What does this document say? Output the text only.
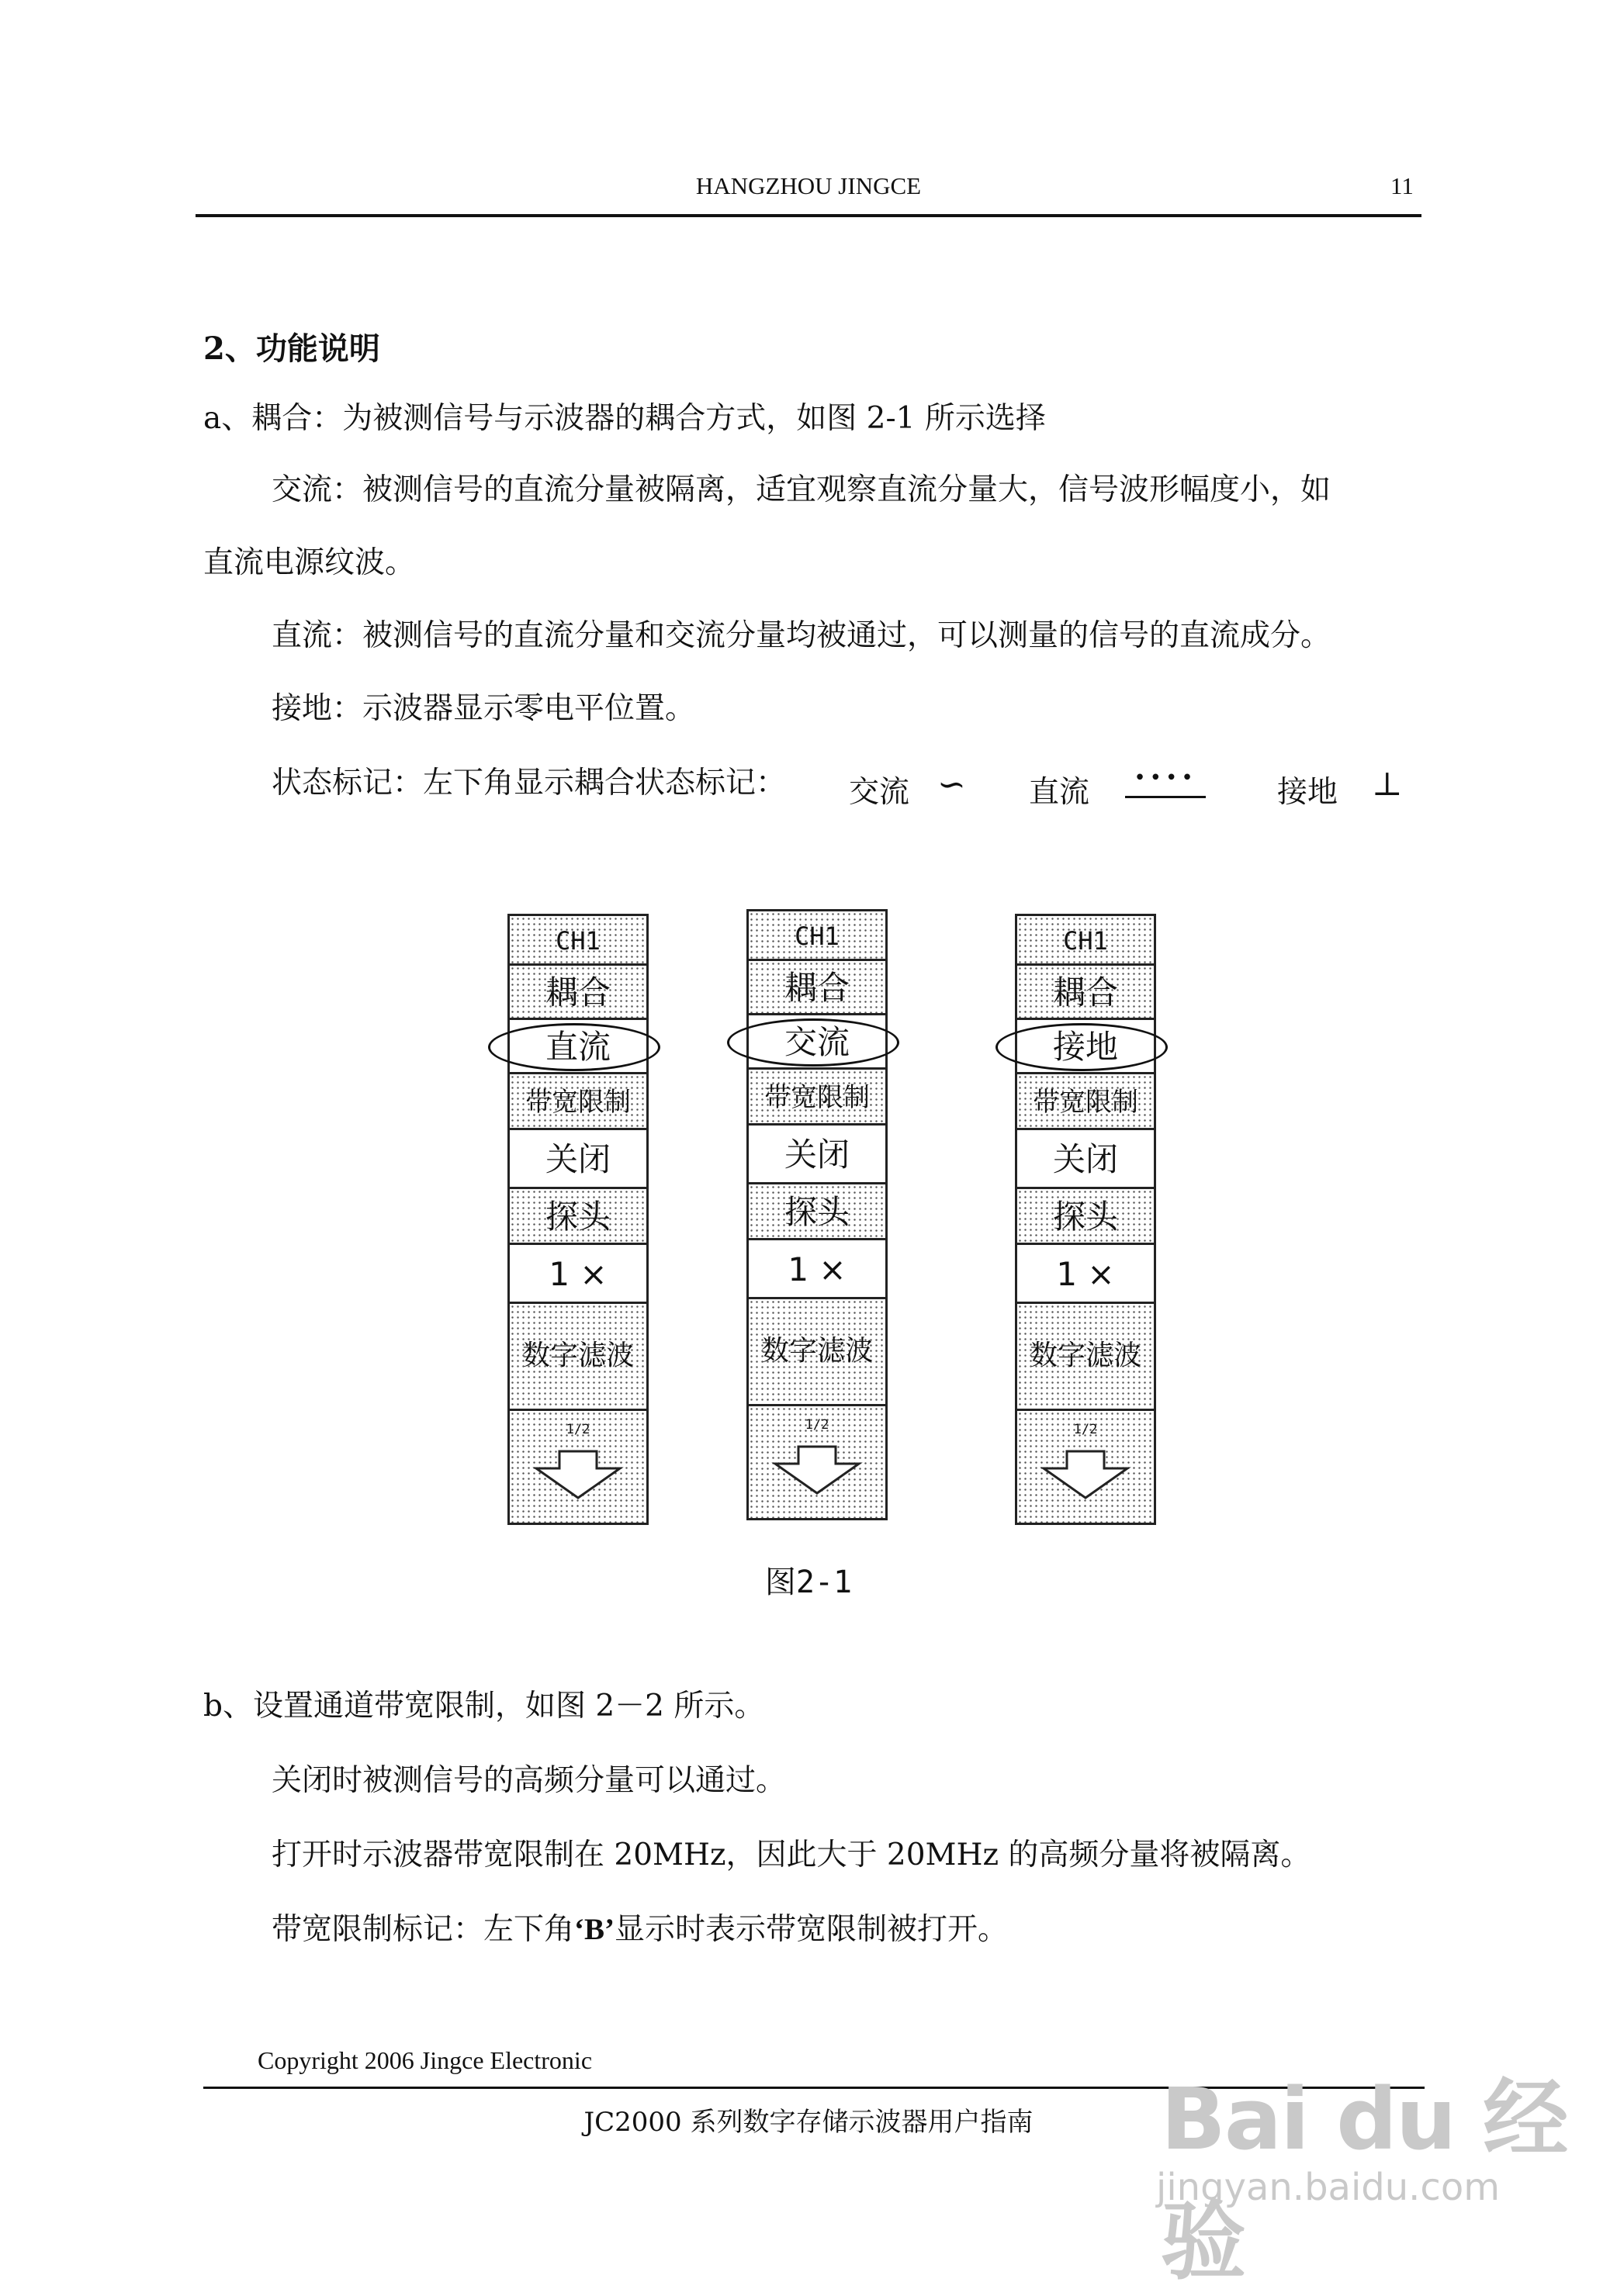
HANGZHOU JINGCE	11
2、功能说明
a、耦合：为被测信号与示波器的耦合方式，如图 2-1 所示选择
交流：被测信号的直流分量被隔离，适宜观察直流分量大，信号波形幅度小，如
直流电源纹波。
直流：被测信号的直流分量和交流分量均被通过，可以测量的信号的直流成分。
接地：示波器显示零电平位置。
状态标记：左下角显示耦合状态标记： 交流 ∽ 直流	••••	接地 ⊥
CH1
耦合
直流
带宽限制
关闭
探头
1 ×
数字滤波
1/2
CH1
耦合
交流
带宽限制
关闭
探头
1 ×
数字滤波
1/2
CH1
耦合
接地
带宽限制
关闭
探头
1 ×
数字滤波
1/2
图2-1
b、设置通道带宽限制，如图 2－2 所示。
关闭时被测信号的高频分量可以通过。
打开时示波器带宽限制在 20MHz，因此大于 20MHz 的高频分量将被隔离。
带宽限制标记：左下角‘B’显示时表示带宽限制被打开。
Copyright 2006 Jingce Electronic
JC2000 系列数字存储示波器用户指南	Bai du 经验
jingyan.baidu.com
